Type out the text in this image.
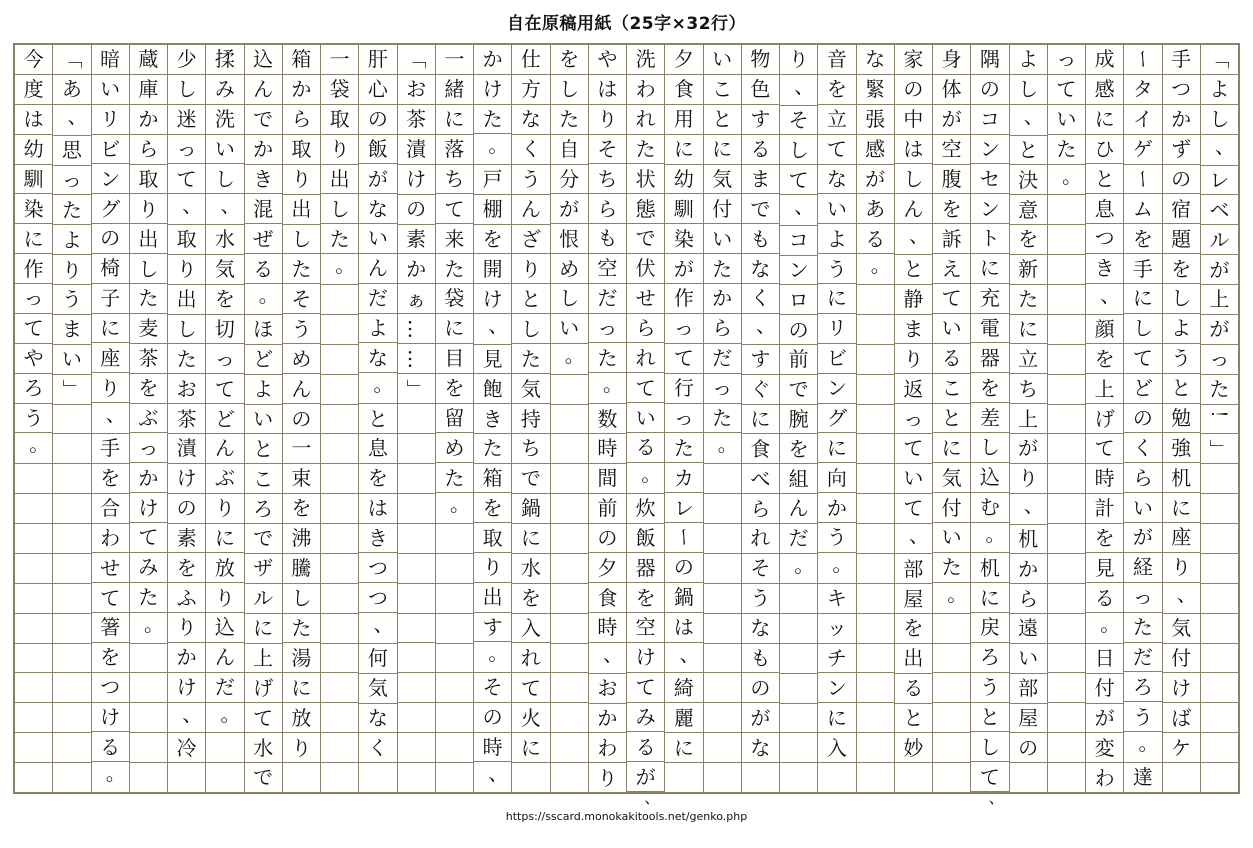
自在原稿用紙（25字×32行）
「
よ
し
、
レ
ベ
ル
が
上
が
っ
た
！
」
手
つ
か
ず
の
宿
題
を
し
よ
う
と
勉
強
机
に
座
り
、
気
付
け
ば
ケ
ー
タ
イ
ゲ
ー
ム
を
手
に
し
て
ど
の
く
ら
い
が
経
っ
た
だ
ろ
う
。
達
成
感
に
ひ
と
息
つ
き
、
顔
を
上
げ
て
時
計
を
見
る
。
日
付
が
変
わ
っ
て
い
た
。
よ
し
、
と
決
意
を
新
た
に
立
ち
上
が
り
、
机
か
ら
遠
い
部
屋
の
隅
の
コ
ン
セ
ン
ト
に
充
電
器
を
差
し
込
む
。
机
に
戻
ろ
う
と
し
て
、
身
体
が
空
腹
を
訴
え
て
い
る
こ
と
に
気
付
い
た
。
家
の
中
は
し
ん
、
と
静
ま
り
返
っ
て
い
て
、
部
屋
を
出
る
と
妙
な
緊
張
感
が
あ
る
。
音
を
立
て
な
い
よ
う
に
リ
ビ
ン
グ
に
向
か
う
。
キ
ッ
チ
ン
に
入
り
、
そ
し
て
、
コ
ン
ロ
の
前
で
腕
を
組
ん
だ
。
物
色
す
る
ま
で
も
な
く
、
す
ぐ
に
食
べ
ら
れ
そ
う
な
も
の
が
な
い
こ
と
に
気
付
い
た
か
ら
だ
っ
た
。
夕
食
用
に
幼
馴
染
が
作
っ
て
行
っ
た
カ
レ
ー
の
鍋
は
、
綺
麗
に
洗
わ
れ
た
状
態
で
伏
せ
ら
れ
て
い
る
。
炊
飯
器
を
空
け
て
み
る
が
、
や
は
り
そ
ち
ら
も
空
だ
っ
た
。
数
時
間
前
の
夕
食
時
、
お
か
わ
り
を
し
た
自
分
が
恨
め
し
い
。
仕
方
な
く
う
ん
ざ
り
と
し
た
気
持
ち
で
鍋
に
水
を
入
れ
て
火
に
か
け
た
。
戸
棚
を
開
け
、
見
飽
き
た
箱
を
取
り
出
す
。
そ
の
時
、
一
緒
に
落
ち
て
来
た
袋
に
目
を
留
め
た
。
「
お
茶
漬
け
の
素
か
ぁ
…
…
」
肝
心
の
飯
が
な
い
ん
だ
よ
な
。
と
息
を
は
き
つ
つ
、
何
気
な
く
一
袋
取
り
出
し
た
。
箱
か
ら
取
り
出
し
た
そ
う
め
ん
の
一
束
を
沸
騰
し
た
湯
に
放
り
込
ん
で
か
き
混
ぜ
る
。
ほ
ど
よ
い
と
こ
ろ
で
ザ
ル
に
上
げ
て
水
で
揉
み
洗
い
し
、
水
気
を
切
っ
て
ど
ん
ぶ
り
に
放
り
込
ん
だ
。
少
し
迷
っ
て
、
取
り
出
し
た
お
茶
漬
け
の
素
を
ふ
り
か
け
、
冷
蔵
庫
か
ら
取
り
出
し
た
麦
茶
を
ぶ
っ
か
け
て
み
た
。
暗
い
リ
ビ
ン
グ
の
椅
子
に
座
り
、
手
を
合
わ
せ
て
箸
を
つ
け
る
。
「
あ
、
思
っ
た
よ
り
う
ま
い
」
今
度
は
幼
馴
染
に
作
っ
て
や
ろ
う
。
https://sscard.monokakitools.net/genko.php
